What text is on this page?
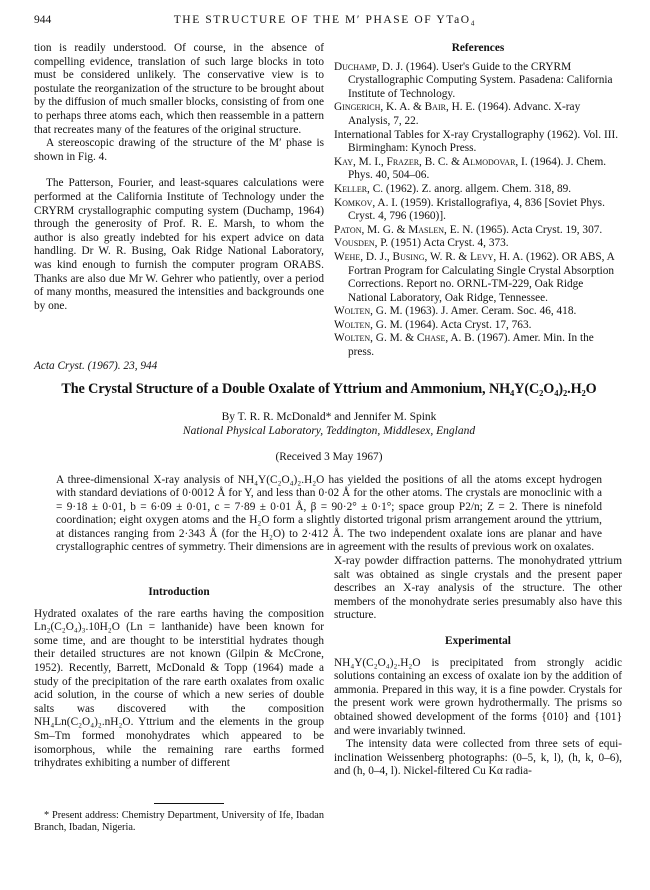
944	THE STRUCTURE OF THE M′ PHASE OF YTaO₄

tion is readily understood. Of course, in the absence of compelling evidence, translation of such large blocks in toto must be considered unlikely. The conservative view is to postulate the reorganization of the structure to be brought about by the diffusion of much smaller blocks, consisting of from one to perhaps three atoms each, which then reassemble in a pattern that recreates many of the features of the original structure.

A stereoscopic drawing of the structure of the M′ phase is shown in Fig. 4.

The Patterson, Fourier, and least-squares calculations were performed at the California Institute of Technology under the CRYRM crystallographic computing system (Duchamp, 1964) through the generosity of Prof. R. E. Marsh, to whom the author is also greatly indebted for his expert advice on data handling. Dr W. R. Busing, Oak Ridge National Laboratory, was kind enough to furnish the computer program ORABS. Thanks are also due Mr W. Gehrer who patiently, over a period of many months, measured the intensities and backgrounds one by one.

References

Duchamp, D. J. (1964). User's Guide to the CRYRM Crystallographic Computing System. Pasadena: California Institute of Technology.

Gingerich, K. A. & Bair, H. E. (1964). Advanc. X-ray Analysis, 7, 22.

International Tables for X-ray Crystallography (1962). Vol. III. Birmingham: Kynoch Press.

Kay, M. I., Frazer, B. C. & Almodovar, I. (1964). J. Chem. Phys. 40, 504–06.

Keller, C. (1962). Z. anorg. allgem. Chem. 318, 89.

Komkov, A. I. (1959). Kristallografiya, 4, 836 [Soviet Phys. Cryst. 4, 796 (1960)].

Paton, M. G. & Maslen, E. N. (1965). Acta Cryst. 19, 307.

Vousden, P. (1951) Acta Cryst. 4, 373.

Wehe, D. J., Busing, W. R. & Levy, H. A. (1962). OR ABS, A Fortran Program for Calculating Single Crystal Absorption Corrections. Report no. ORNL-TM-229, Oak Ridge National Laboratory, Oak Ridge, Tennessee.

Wolten, G. M. (1963). J. Amer. Ceram. Soc. 46, 418.

Wolten, G. M. (1964). Acta Cryst. 17, 763.

Wolten, G. M. & Chase, A. B. (1967). Amer. Min. In the press.

Acta Cryst. (1967). 23, 944
The Crystal Structure of a Double Oxalate of Yttrium and Ammonium, NH₄Y(C₂O₄)₂.H₂O
By T. R. R. McDonald* and Jennifer M. Spink
National Physical Laboratory, Teddington, Middlesex, England
(Received 3 May 1967)
A three-dimensional X-ray analysis of NH₄Y(C₂O₄)₂.H₂O has yielded the positions of all the atoms except hydrogen with standard deviations of 0·0012 Å for Y, and less than 0·02 Å for the other atoms. The crystals are monoclinic with a = 9·18 ± 0·01, b = 6·09 ± 0·01, c = 7·89 ± 0·01 Å, β = 90·2° ± 0·1°; space group P2/n; Z = 2. There is ninefold coordination; eight oxygen atoms and the H₂O form a slightly distorted trigonal prism arrangement around the yttrium, at distances ranging from 2·343 Å (for the H₂O) to 2·412 Å. The two independent oxalate ions are planar and have crystallographic centres of symmetry. Their dimensions are in agreement with the results of previous work on oxalates.
Introduction

Hydrated oxalates of the rare earths having the composition Ln₂(C₂O₄)₃.10H₂O (Ln = lanthanide) have been known for some time, and are thought to be interstitial hydrates though their detailed structures are not known (Gilpin & McCrone, 1952). Recently, Barrett, McDonald & Topp (1964) made a study of the precipitation of the rare earth oxalates from oxalic acid solution, in the course of which a new series of double salts was discovered with the composition NH₄Ln(C₂O₄)₂.nH₂O. Yttrium and the elements in the group Sm–Tm formed monohydrates which appeared to be isomorphous, while the remaining rare earths formed trihydrates exhibiting a number of different

X-ray powder diffraction patterns. The monohydrated yttrium salt was obtained as single crystals and the present paper describes an X-ray analysis of the structure. The other members of the monohydrate series presumably also have this structure.

Experimental

NH₄Y(C₂O₄)₂.H₂O is precipitated from strongly acidic solutions containing an excess of oxalate ion by the addition of ammonia. Prepared in this way, it is a fine powder. Crystals for the present work were grown hydrothermally. The prisms so obtained showed development of the forms {010} and {101} and were invariably twinned.

The intensity data were collected from three sets of equi-inclination Weissenberg photographs: (0–5, k, l), (h, k, 0–6), and (h, 0–4, l). Nickel-filtered Cu Kα radia-

* Present address: Chemistry Department, University of Ife, Ibadan Branch, Ibadan, Nigeria.
